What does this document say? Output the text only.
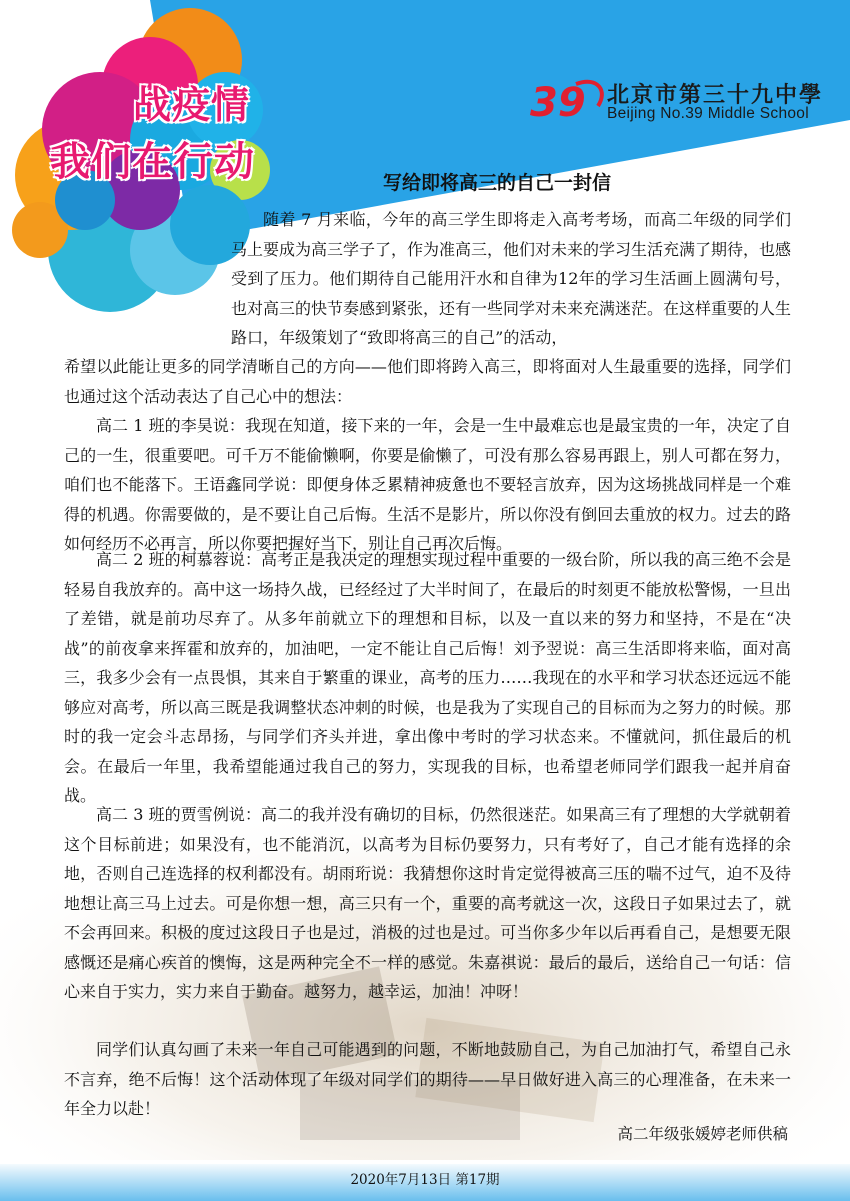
战疫情
我们在行动
39 北京市第三十九中學
Beijing No.39 Middle School
写给即将高三的自己一封信
随着 7 月来临，今年的高三学生即将走入高考考场，而高二年级的同学们马上要成为高三学子了，作为准高三，他们对未来的学习生活充满了期待，也感受到了压力。他们期待自己能用汗水和自律为12年的学习生活画上圆满句号，也对高三的快节奏感到紧张，还有一些同学对未来充满迷茫。在这样重要的人生路口，年级策划了“致即将高三的自己”的活动，
希望以此能让更多的同学清晰自己的方向——他们即将跨入高三，即将面对人生最重要的选择，同学们也通过这个活动表达了自己心中的想法：
高二 1 班的李昊说：我现在知道，接下来的一年，会是一生中最难忘也是最宝贵的一年，决定了自己的一生，很重要吧。可千万不能偷懒啊，你要是偷懒了，可没有那么容易再跟上，别人可都在努力，咱们也不能落下。王语鑫同学说：即便身体乏累精神疲惫也不要轻言放弃，因为这场挑战同样是一个难得的机遇。你需要做的，是不要让自己后悔。生活不是影片，所以你没有倒回去重放的权力。过去的路如何经历不必再言，所以你要把握好当下，别让自己再次后悔。
高二 2 班的柯慕蓉说：高考正是我决定的理想实现过程中重要的一级台阶，所以我的高三绝不会是轻易自我放弃的。高中这一场持久战，已经经过了大半时间了，在最后的时刻更不能放松警惕，一旦出了差错，就是前功尽弃了。从多年前就立下的理想和目标，以及一直以来的努力和坚持，不是在“决战”的前夜拿来挥霍和放弃的，加油吧，一定不能让自己后悔！刘予翌说：高三生活即将来临，面对高三，我多少会有一点畏惧，其来自于繁重的课业，高考的压力……我现在的水平和学习状态还远远不能够应对高考，所以高三既是我调整状态冲刺的时候，也是我为了实现自己的目标而为之努力的时候。那时的我一定会斗志昂扬，与同学们齐头并进，拿出像中考时的学习状态来。不懂就问，抓住最后的机会。在最后一年里，我希望能通过我自己的努力，实现我的目标，也希望老师同学们跟我一起并肩奋战。
高二 3 班的贾雪例说：高二的我并没有确切的目标，仍然很迷茫。如果高三有了理想的大学就朝着这个目标前进；如果没有，也不能消沉，以高考为目标仍要努力，只有考好了，自己才能有选择的余地，否则自己连选择的权利都没有。胡雨珩说：我猜想你这时肯定觉得被高三压的喘不过气，迫不及待地想让高三马上过去。可是你想一想，高三只有一个，重要的高考就这一次，这段日子如果过去了，就不会再回来。积极的度过这段日子也是过，消极的过也是过。可当你多少年以后再看自己，是想要无限感慨还是痛心疾首的懊悔，这是两种完全不一样的感觉。朱嘉祺说：最后的最后，送给自己一句话：信心来自于实力，实力来自于勤奋。越努力，越幸运，加油！冲呀！
同学们认真勾画了未来一年自己可能遇到的问题，不断地鼓励自己，为自己加油打气，希望自己永不言弃，绝不后悔！这个活动体现了年级对同学们的期待——早日做好进入高三的心理准备，在未来一年全力以赴！
高二年级张媛婷老师供稿
2020年7月13日 第17期
